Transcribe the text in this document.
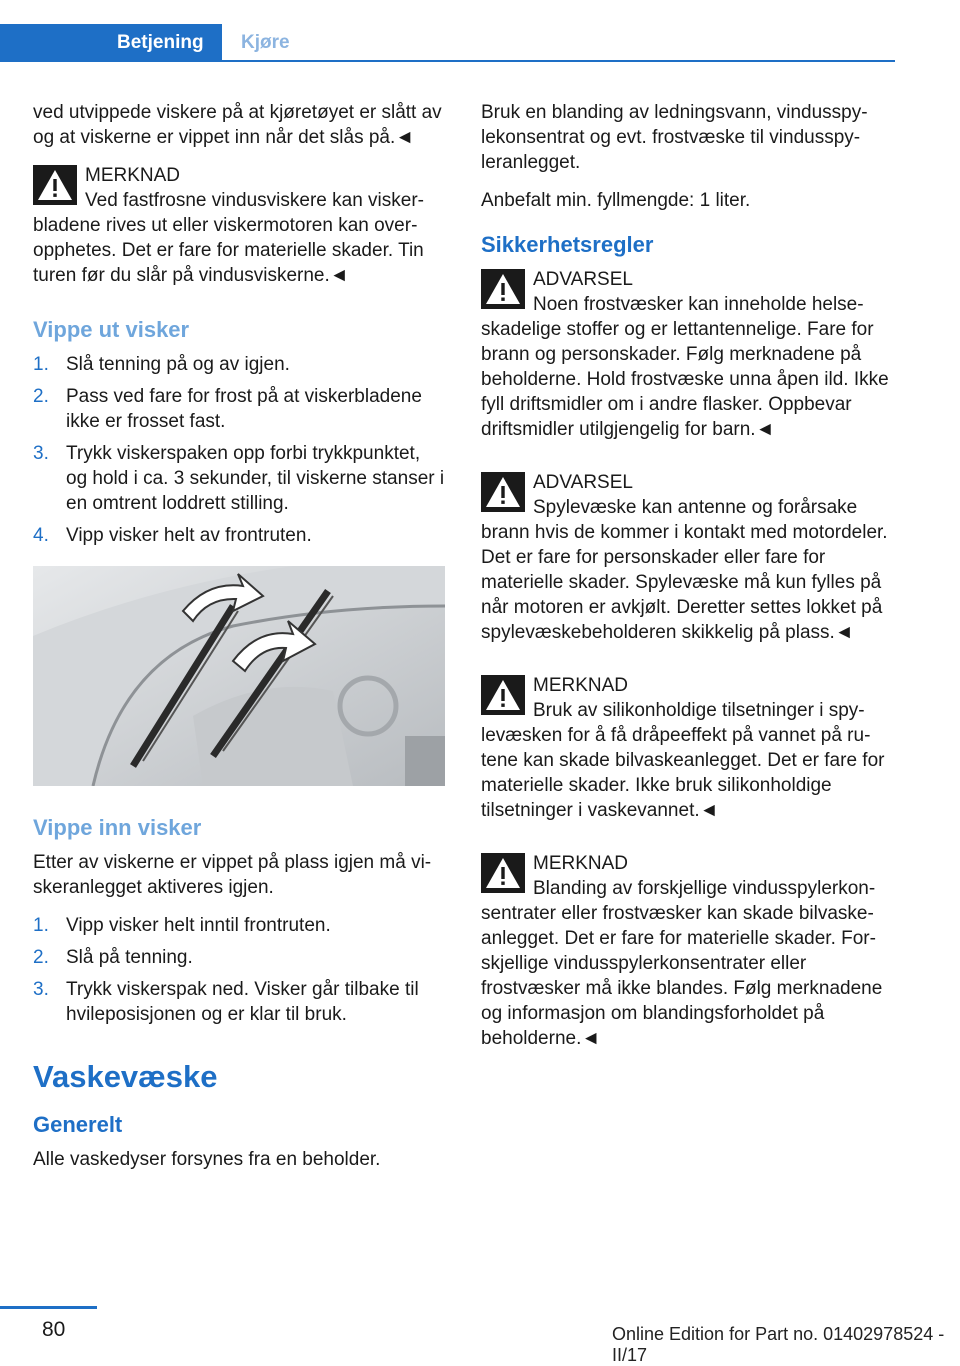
Betjening	Kjøre

ved utvippede viskere på at kjøretøyet er slått av og at viskerne er vippet inn når det slås på.◄

MERKNAD
Ved fastfrosne vindusviskere kan visker-
bladene rives ut eller viskermotoren kan overopphetes. Det er fare for materielle skader. Tin turen før du slår på vindusviskerne.◄
Vippe ut visker
1. Slå tenning på og av igjen.
2. Pass ved fare for frost på at viskerbladene ikke er frosset fast.
3. Trykk viskerspaken opp forbi trykkpunktet, og hold i ca. 3 sekunder, til viskerne stanser i en omtrent loddrett stilling.
4. Vipp visker helt av frontruten.
Vippe inn visker

Etter av viskerne er vippet på plass igjen må viskeranlegget aktiveres igjen.

1. Vipp visker helt inntil frontruten.
2. Slå på tenning.
3. Trykk viskerspak ned. Visker går tilbake til hvileposisjonen og er klar til bruk.
Vaskevæske
Generelt

Alle vaskedyser forsynes fra en beholder.

Bruk en blanding av ledningsvann, vindusspylekonsentrat og evt. frostvæske til vindusspyleranlegget.

Anbefalt min. fyllmengde: 1 liter.

Sikkerhetsregler
ADVARSEL
Noen frostvæsker kan inneholde helse-
skadelige stoffer og er lettantennelige. Fare for brann og personskader. Følg merknadene på beholderne. Hold frostvæske unna åpen ild. Ikke fyll driftsmidler om i andre flasker. Oppbevar driftsmidler utilgjengelig for barn.◄
ADVARSEL
Spylevæske kan antenne og forårsake
brann hvis de kommer i kontakt med motordeler. Det er fare for personskader eller fare for materielle skader. Spylevæske må kun fylles på når motoren er avkjølt. Deretter settes lokket på spylevæskebeholderen skikkelig på plass.◄
MERKNAD
Bruk av silikonholdige tilsetninger i spy-
levæsken for å få dråpeeffekt på vannet på rutene kan skade bilvaskeanlegget. Det er fare for materielle skader. Ikke bruk silikonholdige tilsetninger i vaskevannet.◄
MERKNAD
Blanding av forskjellige vindusspylerkon-
sentrater eller frostvæsker kan skade bilvaskeanlegget. Det er fare for materielle skader. Forskjellige vindusspylerkonsentrater eller frostvæsker må ikke blandes. Følg merknadene og informasjon om blandingsforholdet på beholderne.◄
80	Online Edition for Part no. 01402978524 - II/17
